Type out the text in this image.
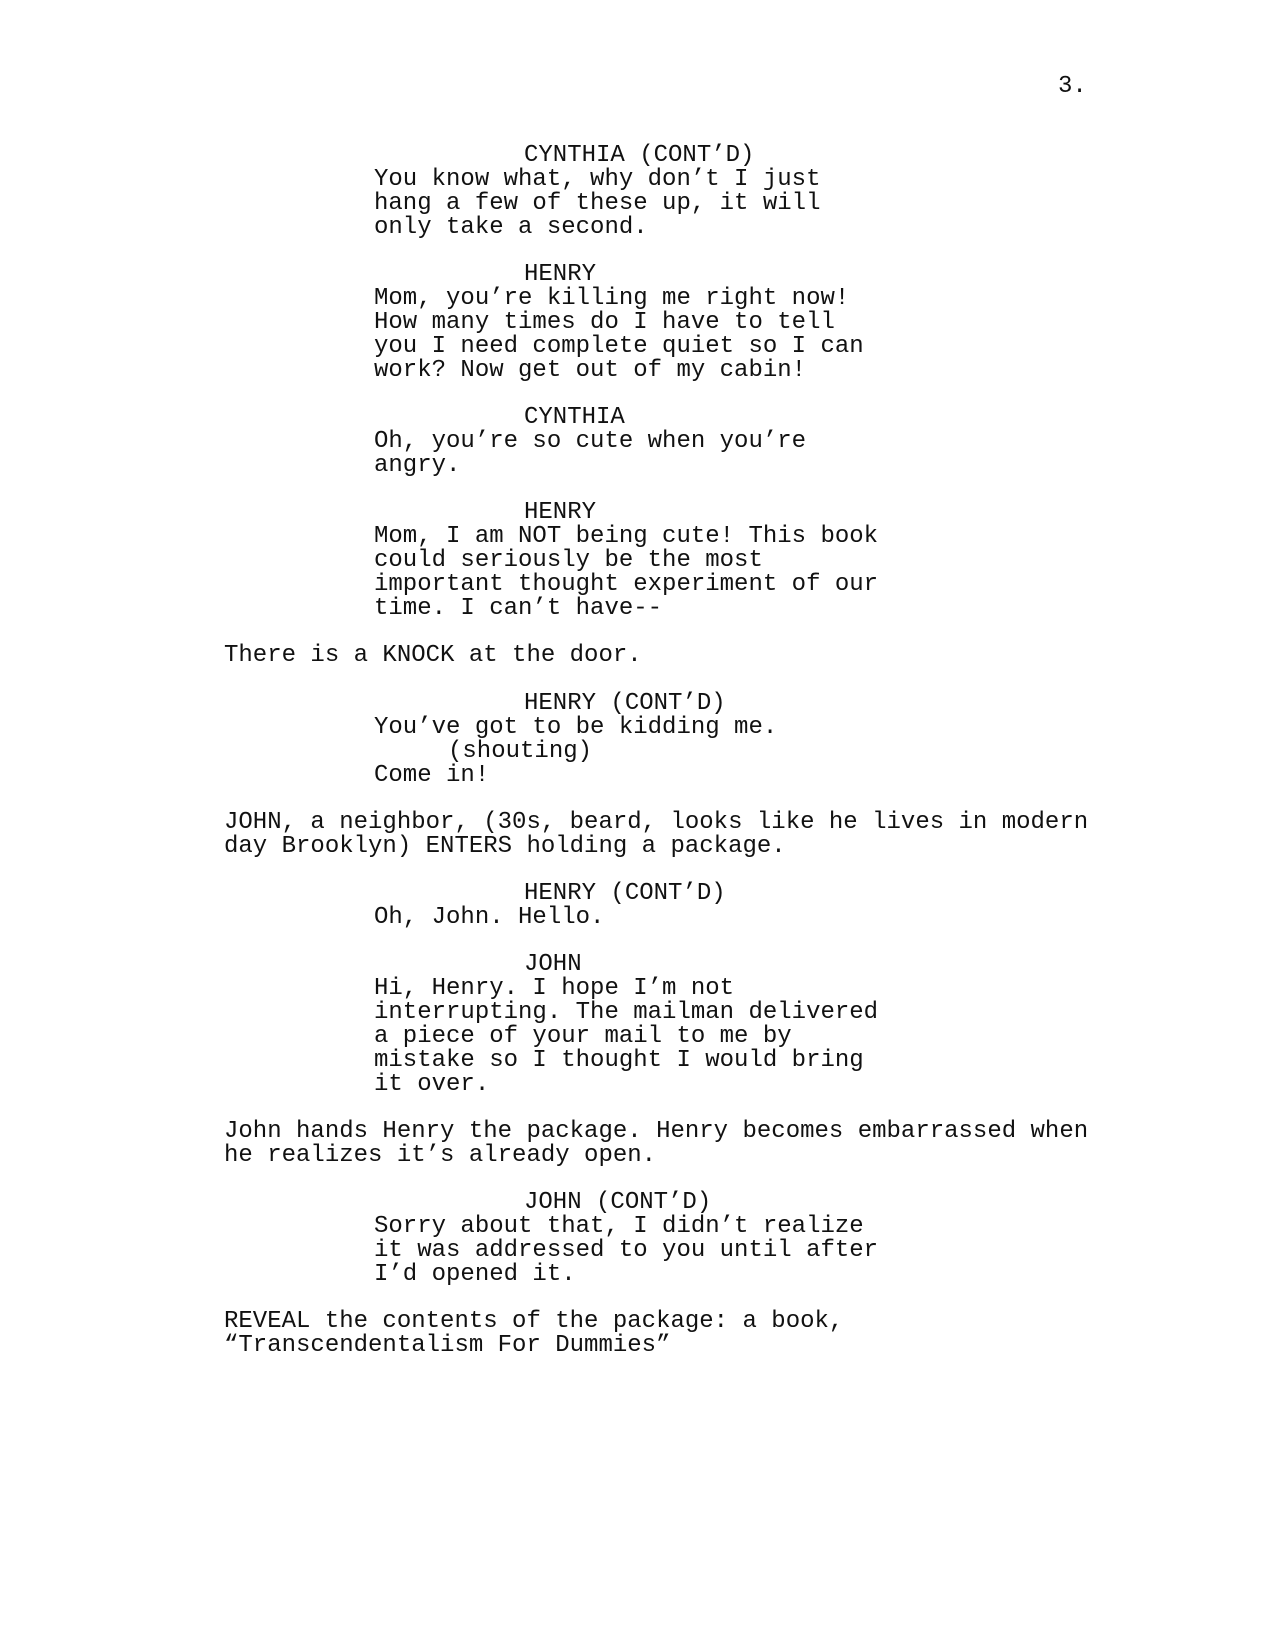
3.
CYNTHIA (CONT’D)
You know what, why don’t I just
hang a few of these up, it will
only take a second.
HENRY
Mom, you’re killing me right now!
How many times do I have to tell
you I need complete quiet so I can
work? Now get out of my cabin!
CYNTHIA
Oh, you’re so cute when you’re
angry.
HENRY
Mom, I am NOT being cute! This book
could seriously be the most
important thought experiment of our
time. I can’t have--
There is a KNOCK at the door.
HENRY (CONT’D)
You’ve got to be kidding me.
(shouting)
Come in!
JOHN, a neighbor, (30s, beard, looks like he lives in modern
day Brooklyn) ENTERS holding a package.
HENRY (CONT’D)
Oh, John. Hello.
JOHN
Hi, Henry. I hope I’m not
interrupting. The mailman delivered
a piece of your mail to me by
mistake so I thought I would bring
it over.
John hands Henry the package. Henry becomes embarrassed when
he realizes it’s already open.
JOHN (CONT’D)
Sorry about that, I didn’t realize
it was addressed to you until after
I’d opened it.
REVEAL the contents of the package: a book,
“Transcendentalism For Dummies”
